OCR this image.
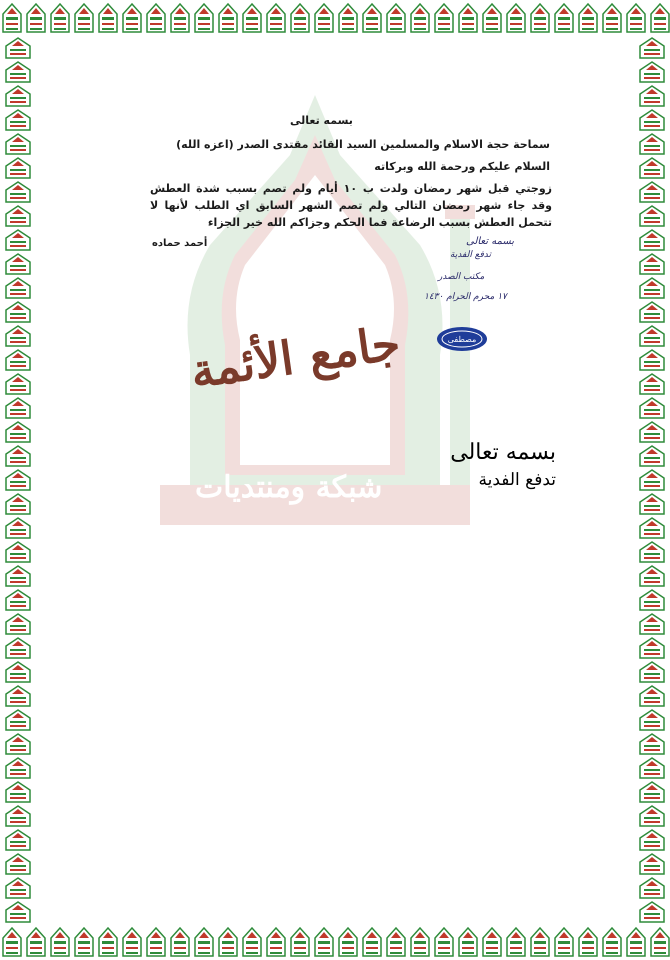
جامع الأئمة
شبكة ومنتديات
بسمه تعالى
سماحة حجة الاسلام والمسلمين السيد القائد مقتدى الصدر (اعزه الله)
السلام عليكم ورحمة الله وبركاته
زوجتي قبل شهر رمضان ولدت ب ١٠ أيام ولم تصم بسبب شدة العطش وقد جاء شهر رمضان التالي ولم تصم الشهر السابق اي الطلب لأنها لا تتحمل العطش بسبب الرضاعة فما الحكم وجزاكم الله خير الجزاء
أحمد حماده	بسمه تعالى
تدفع الفدية
مكتب الصدر
١٧ محرم الحرام ١٤٣٠
مصطفى
بسمه تعالى
تدفع الفدية
